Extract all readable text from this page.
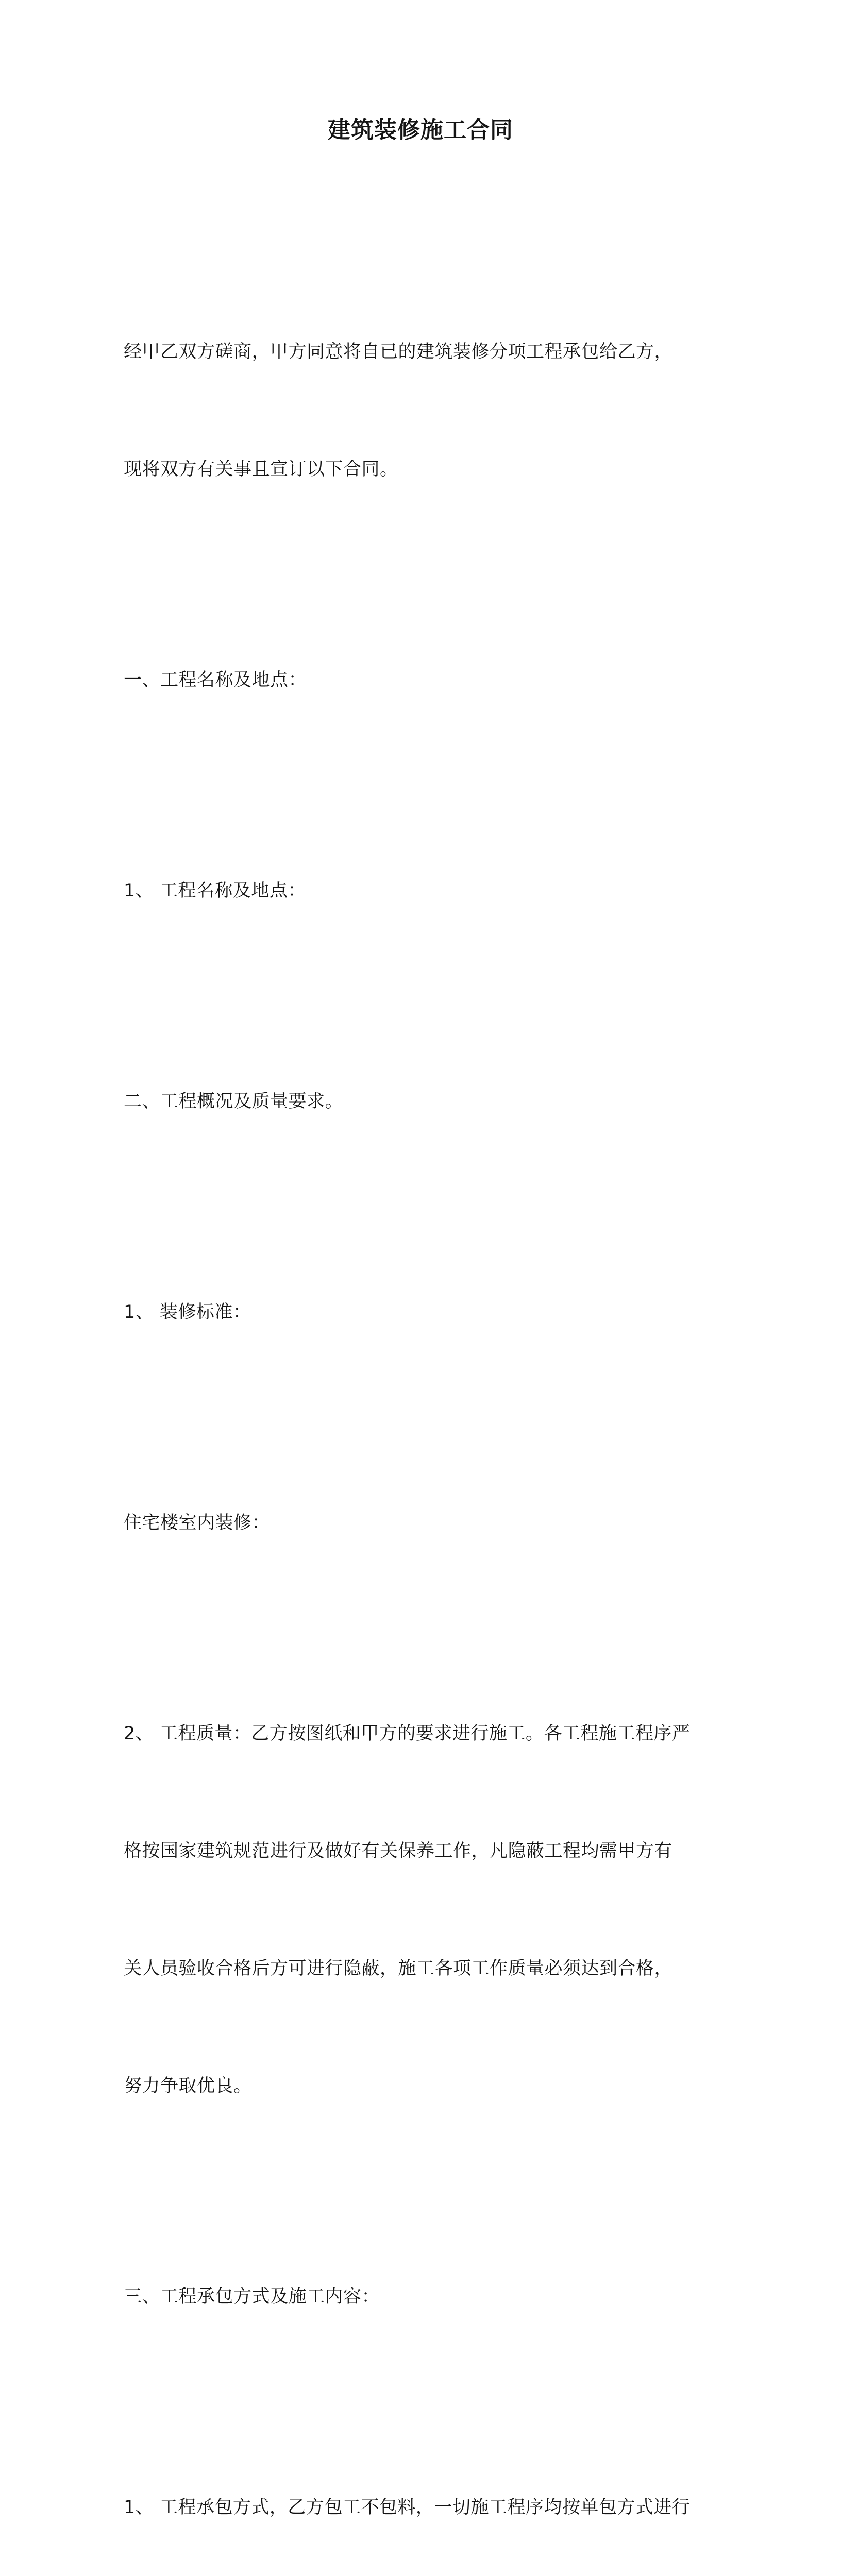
建筑装修施工合同

经甲乙双方磋商，甲方同意将自已的建筑装修分项工程承包给乙方，

现将双方有关事且宣订以下合同。

一、工程名称及地点：

1、 工程名称及地点：

二、工程概况及质量要求。

1、 装修标准：

住宅楼室内装修：

2、 工程质量：乙方按图纸和甲方的要求进行施工。各工程施工程序严

格按国家建筑规范进行及做好有关保养工作，凡隐蔽工程均需甲方有

关人员验收合格后方可进行隐蔽，施工各项工作质量必须达到合格，

努力争取优良。

三、工程承包方式及施工内容：

1、 工程承包方式，乙方包工不包料，一切施工程序均按单包方式进行
